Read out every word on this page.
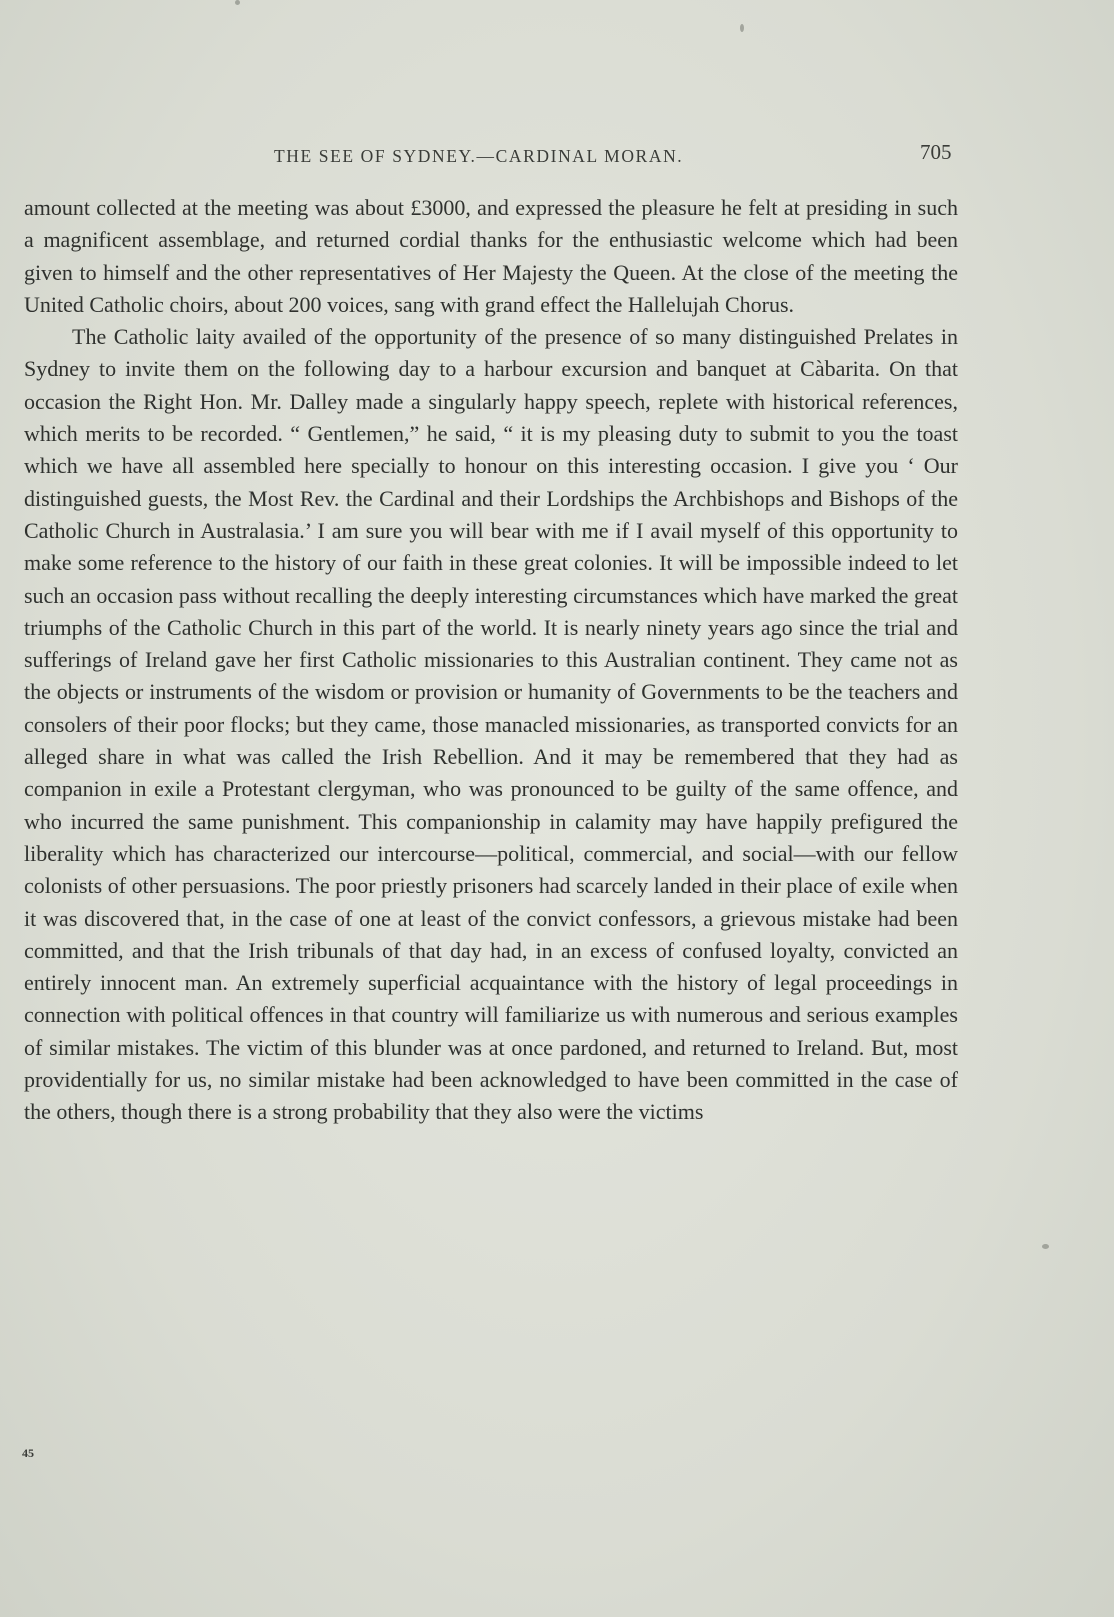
THE SEE OF SYDNEY.—CARDINAL MORAN.	705

amount collected at the meeting was about £3000, and expressed the pleasure he felt at presiding in such a magnificent assemblage, and returned cordial thanks for the enthusiastic welcome which had been given to himself and the other representatives of Her Majesty the Queen. At the close of the meeting the United Catholic choirs, about 200 voices, sang with grand effect the Hallelujah Chorus.

The Catholic laity availed of the opportunity of the presence of so many distinguished Prelates in Sydney to invite them on the following day to a harbour excursion and banquet at Càbarita. On that occasion the Right Hon. Mr. Dalley made a singularly happy speech, replete with historical references, which merits to be recorded. “ Gentlemen,” he said, “ it is my pleasing duty to submit to you the toast which we have all assembled here specially to honour on this interesting occasion. I give you ‘ Our distinguished guests, the Most Rev. the Cardinal and their Lordships the Archbishops and Bishops of the Catholic Church in Australasia.’ I am sure you will bear with me if I avail myself of this opportunity to make some reference to the history of our faith in these great colonies. It will be impossible indeed to let such an occasion pass without recalling the deeply interesting circumstances which have marked the great triumphs of the Catholic Church in this part of the world. It is nearly ninety years ago since the trial and sufferings of Ireland gave her first Catholic missionaries to this Australian continent. They came not as the objects or instruments of the wisdom or provision or humanity of Governments to be the teachers and consolers of their poor flocks; but they came, those manacled missionaries, as transported convicts for an alleged share in what was called the Irish Rebellion. And it may be remembered that they had as companion in exile a Protestant clergyman, who was pronounced to be guilty of the same offence, and who incurred the same punishment. This companionship in calamity may have happily prefigured the liberality which has characterized our intercourse—political, commercial, and social—with our fellow colonists of other persuasions. The poor priestly prisoners had scarcely landed in their place of exile when it was discovered that, in the case of one at least of the convict confessors, a grievous mistake had been committed, and that the Irish tribunals of that day had, in an excess of confused loyalty, convicted an entirely innocent man. An extremely superficial acquaintance with the history of legal proceedings in connection with political offences in that country will familiarize us with numerous and serious examples of similar mistakes. The victim of this blunder was at once pardoned, and returned to Ireland. But, most providentially for us, no similar mistake had been acknowledged to have been committed in the case of the others, though there is a strong probability that they also were the victims

45
